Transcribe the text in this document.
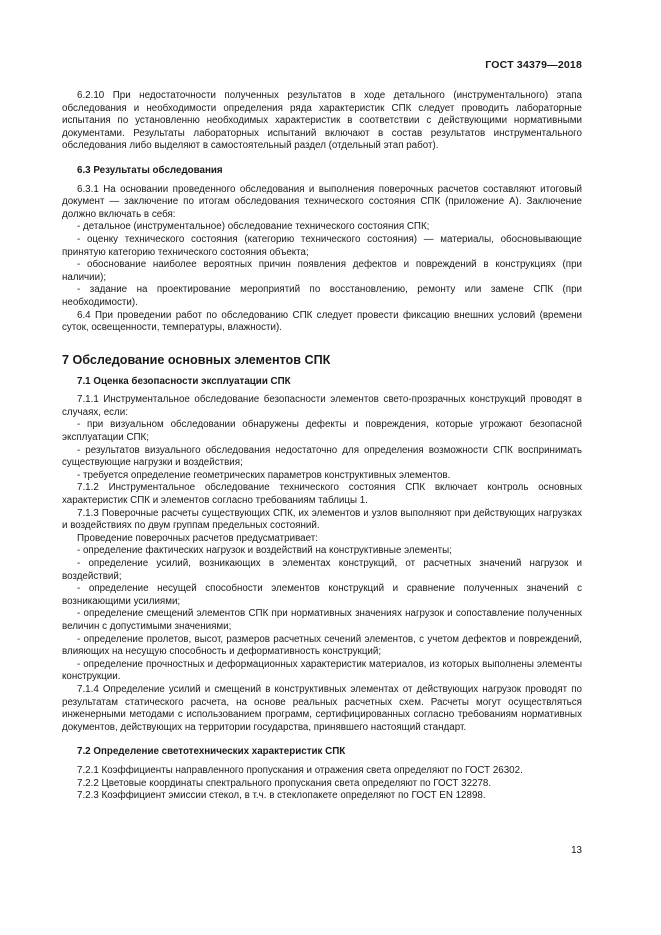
ГОСТ 34379—2018
6.2.10 При недостаточности полученных результатов в ходе детального (инструментального) этапа обследования и необходимости определения ряда характеристик СПК следует проводить лабораторные испытания по установленню необходимых характеристик в соответствии с действующими нормативными документами. Результаты лабораторных испытаний включают в состав результатов инструментального обследования либо выделяют в самостоятельный раздел (отдельный этап работ).
6.3 Результаты обследования
6.3.1 На основании проведенного обследования и выполнения поверочных расчетов составляют итоговый документ — заключение по итогам обследования технического состояния СПК (приложение А). Заключение должно включать в себя:
- детальное (инструментальное) обследование технического состояния СПК;
- оценку технического состояния (категорию технического состояния) — материалы, обосновывающие принятую категорию технического состояния объекта;
- обоснование наиболее вероятных причин появления дефектов и повреждений в конструкциях (при наличии);
- задание на проектирование мероприятий по восстановлению, ремонту или замене СПК (при необходимости).
6.4 При проведении работ по обследованию СПК следует провести фиксацию внешних условий (времени суток, освещенности, температуры, влажности).
7 Обследование основных элементов СПК
7.1 Оценка безопасности эксплуатации СПК
7.1.1 Инструментальное обследование безопасности элементов свето-прозрачных конструкций проводят в случаях, если:
- при визуальном обследовании обнаружены дефекты и повреждения, которые угрожают безопасной эксплуатации СПК;
- результатов визуального обследования недостаточно для определения возможности СПК воспринимать существующие нагрузки и воздействия;
- требуется определение геометрических параметров конструктивных элементов.
7.1.2 Инструментальное обследование технического состояния СПК включает контроль основных характеристик СПК и элементов согласно требованиям таблицы 1.
7.1.3 Поверочные расчеты существующих СПК, их элементов и узлов выполняют при действующих нагрузках и воздействиях по двум группам предельных состояний.
Проведение поверочных расчетов предусматривает:
- определение фактических нагрузок и воздействий на конструктивные элементы;
- определение усилий, возникающих в элементах конструкций, от расчетных значений нагрузок и воздействий;
- определение несущей способности элементов конструкций и сравнение полученных значений с возникающими усилиями;
- определение смещений элементов СПК при нормативных значениях нагрузок и сопоставление полученных величин с допустимыми значениями;
- определение пролетов, высот, размеров расчетных сечений элементов, с учетом дефектов и повреждений, влияющих на несущую способность и деформативность конструкций;
- определение прочностных и деформационных характеристик материалов, из которых выполнены элементы конструкции.
7.1.4 Определение усилий и смещений в конструктивных элементах от действующих нагрузок проводят по результатам статического расчета, на основе реальных расчетных схем. Расчеты могут осуществляться инженерными методами с использованием программ, сертифицированных согласно требованиям нормативных документов, действующих на территории государства, принявшего настоящий стандарт.
7.2 Определение светотехнических характеристик СПК
7.2.1 Коэффициенты направленного пропускания и отражения света определяют по ГОСТ 26302.
7.2.2 Цветовые координаты спектрального пропускания света определяют по ГОСТ 32278.
7.2.3 Коэффициент эмиссии стекол, в т.ч. в стеклопакете определяют по ГОСТ EN 12898.
13
